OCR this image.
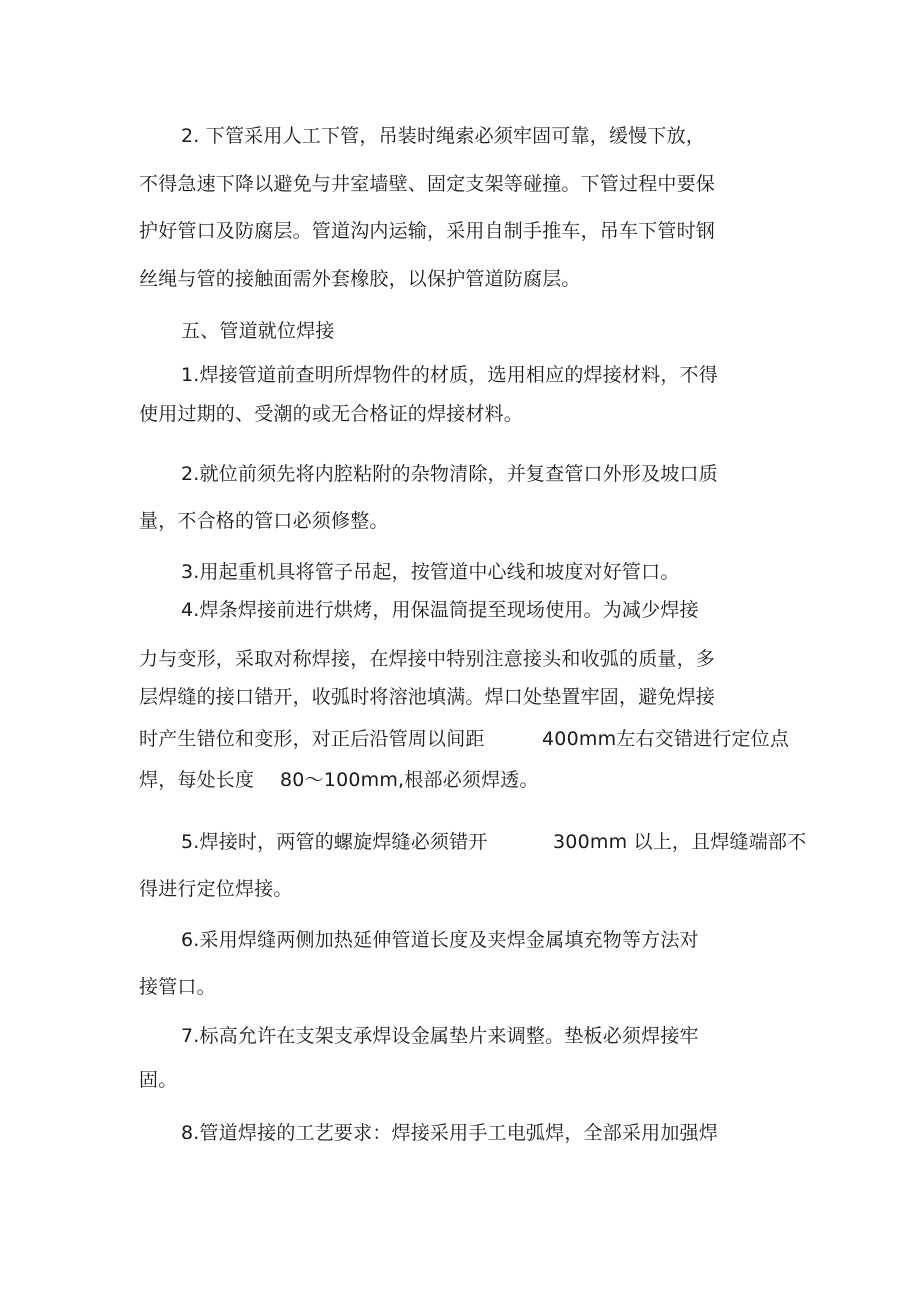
2. 下管采用人工下管，吊装时绳索必须牢固可靠，缓慢下放，
不得急速下降以避免与井室墙壁、固定支架等碰撞。下管过程中要保
护好管口及防腐层。管道沟内运输，采用自制手推车，吊车下管时钢
丝绳与管的接触面需外套橡胶，以保护管道防腐层。
五、管道就位焊接
1.焊接管道前查明所焊物件的材质，选用相应的焊接材料，不得
使用过期的、受潮的或无合格证的焊接材料。
2.就位前须先将内腔粘附的杂物清除，并复查管口外形及坡口质
量，不合格的管口必须修整。
3.用起重机具将管子吊起，按管道中心线和坡度对好管口。
4.焊条焊接前进行烘烤，用保温筒提至现场使用。为减少焊接
力与变形，采取对称焊接，在焊接中特别注意接头和收弧的质量，多
层焊缝的接口错开，收弧时将溶池填满。焊口处垫置牢固，避免焊接
时产生错位和变形，对正后沿管周以间距	400mm左右交错进行定位点
焊，每处长度 80～100mm,根部必须焊透。
5.焊接时，两管的螺旋焊缝必须错开	300mm 以上，且焊缝端部不
得进行定位焊接。
6.采用焊缝两侧加热延伸管道长度及夹焊金属填充物等方法对
接管口。
7.标高允许在支架支承焊设金属垫片来调整。垫板必须焊接牢
固。
8.管道焊接的工艺要求：焊接采用手工电弧焊，全部采用加强焊
